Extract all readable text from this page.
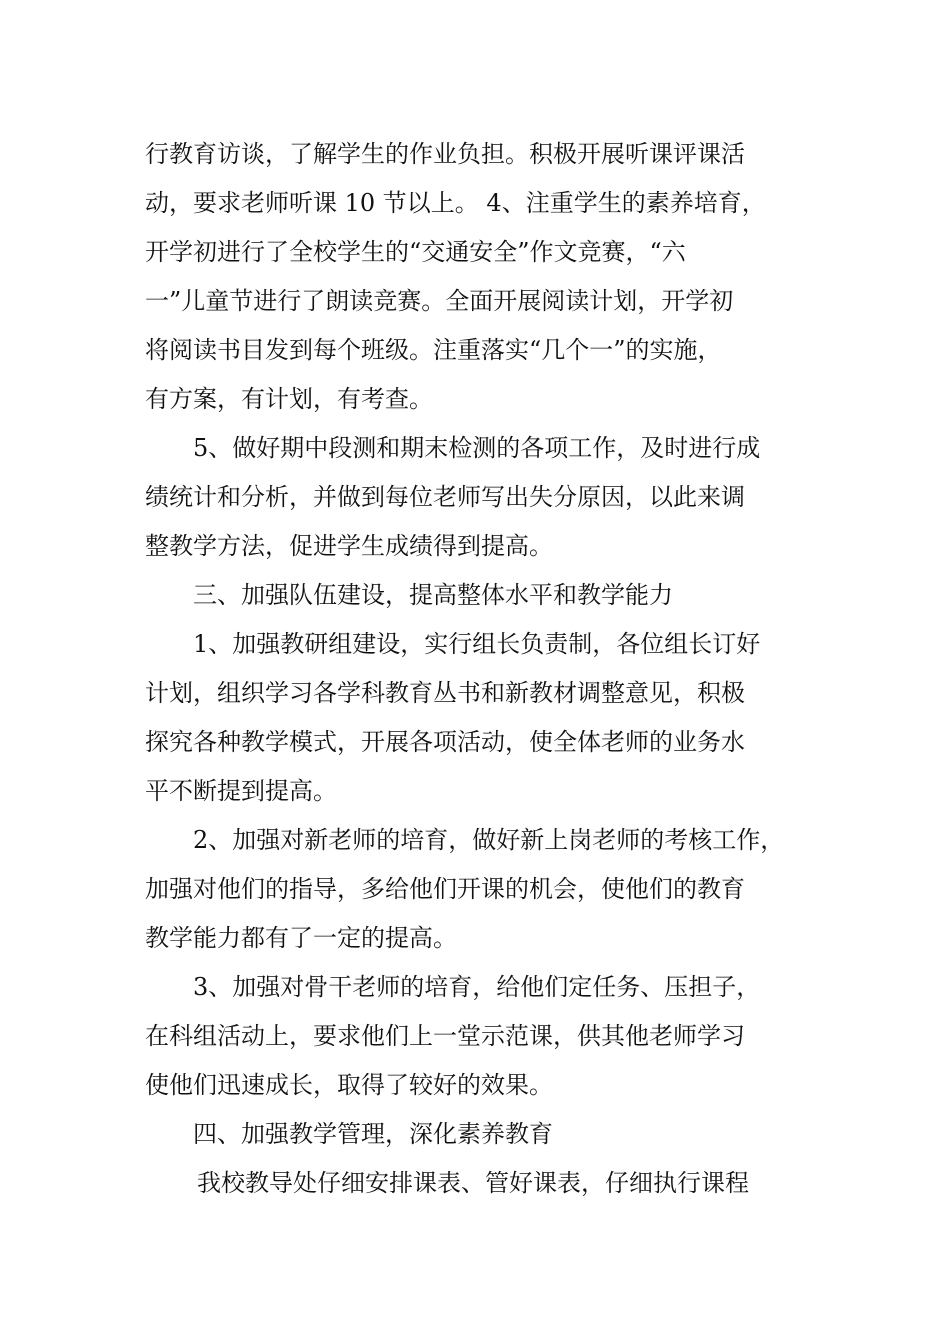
行教育访谈，了解学生的作业负担。积极开展听课评课活
动，要求老师听课 10 节以上。 4、注重学生的素养培育，
开学初进行了全校学生的“交通安全”作文竞赛，“六
一”儿童节进行了朗读竞赛。全面开展阅读计划，开学初
将阅读书目发到每个班级。注重落实“几个一”的实施，
有方案，有计划，有考查。
5、做好期中段测和期末检测的各项工作，及时进行成
绩统计和分析，并做到每位老师写出失分原因，以此来调
整教学方法，促进学生成绩得到提高。
三、加强队伍建设，提高整体水平和教学能力
1、加强教研组建设，实行组长负责制，各位组长订好
计划，组织学习各学科教育丛书和新教材调整意见，积极
探究各种教学模式，开展各项活动，使全体老师的业务水
平不断提到提高。
2、加强对新老师的培育，做好新上岗老师的考核工作，
加强对他们的指导，多给他们开课的机会，使他们的教育
教学能力都有了一定的提高。
3、加强对骨干老师的培育，给他们定任务、压担子，
在科组活动上，要求他们上一堂示范课，供其他老师学习
使他们迅速成长，取得了较好的效果。
四、加强教学管理，深化素养教育
我校教导处仔细安排课表、管好课表，仔细执行课程
